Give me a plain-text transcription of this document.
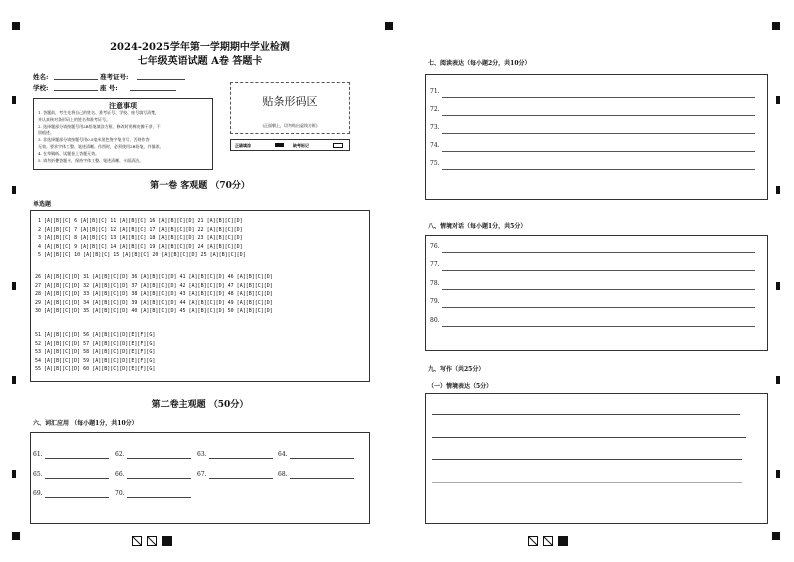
2024-2025学年第一学期期中学业检测
七年级英语试题 A卷 答题卡
姓名:	准考证号:
学校:	座 号:
注意事项
1. 答题前，考生先将自己的姓名、准考证号、学校、座号填写清楚，
并认真核对条形码上的姓名和准考证号。
2. 选择题部分请按题号用2B铅笔填涂方框，修改时用橡皮擦干净，不
留痕迹。
3. 非选择题部分请按题号用0.5毫米黑色签字笔书写，否则作答
无效。要求字体工整、笔迹清晰。作图时，必须使用2B铅笔，并描浓。
4. 在草稿纸、试题卷上答题无效。
5. 请勿折叠答题卡，保持字体工整、笔迹清晰、卡面清洁。
贴条形码区
(正面朝上，切勿贴出虚线方框)
正确填涂	缺考标记
第一卷 客观题 （70分）
单选题
1 [A][B][C] 6 [A][B][C] 11 [A][B][C] 16 [A][B][C][D] 21 [A][B][C][D]
2 [A][B][C] 7 [A][B][C] 12 [A][B][C] 17 [A][B][C][D] 22 [A][B][C][D]
3 [A][B][C] 8 [A][B][C] 13 [A][B][C] 18 [A][B][C][D] 23 [A][B][C][D]
4 [A][B][C] 9 [A][B][C] 14 [A][B][C] 19 [A][B][C][D] 24 [A][B][C][D]
5 [A][B][C] 10 [A][B][C] 15 [A][B][C] 20 [A][B][C][D] 25 [A][B][C][D]
26 [A][B][C][D] 31 [A][B][C][D] 36 [A][B][C][D] 41 [A][B][C][D] 46 [A][B][C][D]
27 [A][B][C][D] 32 [A][B][C][D] 37 [A][B][C][D] 42 [A][B][C][D] 47 [A][B][C][D]
28 [A][B][C][D] 33 [A][B][C][D] 38 [A][B][C][D] 43 [A][B][C][D] 48 [A][B][C][D]
29 [A][B][C][D] 34 [A][B][C][D] 39 [A][B][C][D] 44 [A][B][C][D] 49 [A][B][C][D]
30 [A][B][C][D] 35 [A][B][C][D] 40 [A][B][C][D] 45 [A][B][C][D] 50 [A][B][C][D]
51 [A][B][C][D] 56 [A][B][C][D][E][F][G]
52 [A][B][C][D] 57 [A][B][C][D][E][F][G]
53 [A][B][C][D] 58 [A][B][C][D][E][F][G]
54 [A][B][C][D] 59 [A][B][C][D][E][F][G]
55 [A][B][C][D] 60 [A][B][C][D][E][F][G]
第二卷主观题 （50分）
六、词汇应用 （每小题1分，共10分）
61.	62.	63.	64.
65.	66.	67.	68.
69.	70.
七、阅读表达（每小题2分，共10分）
71.
72.
73.
74.
75.
八、情境对话（每小题1分，共5分）
76.
77.
78.
79.
80.
九、写作（共25分）
（一）情境表达（5分）
